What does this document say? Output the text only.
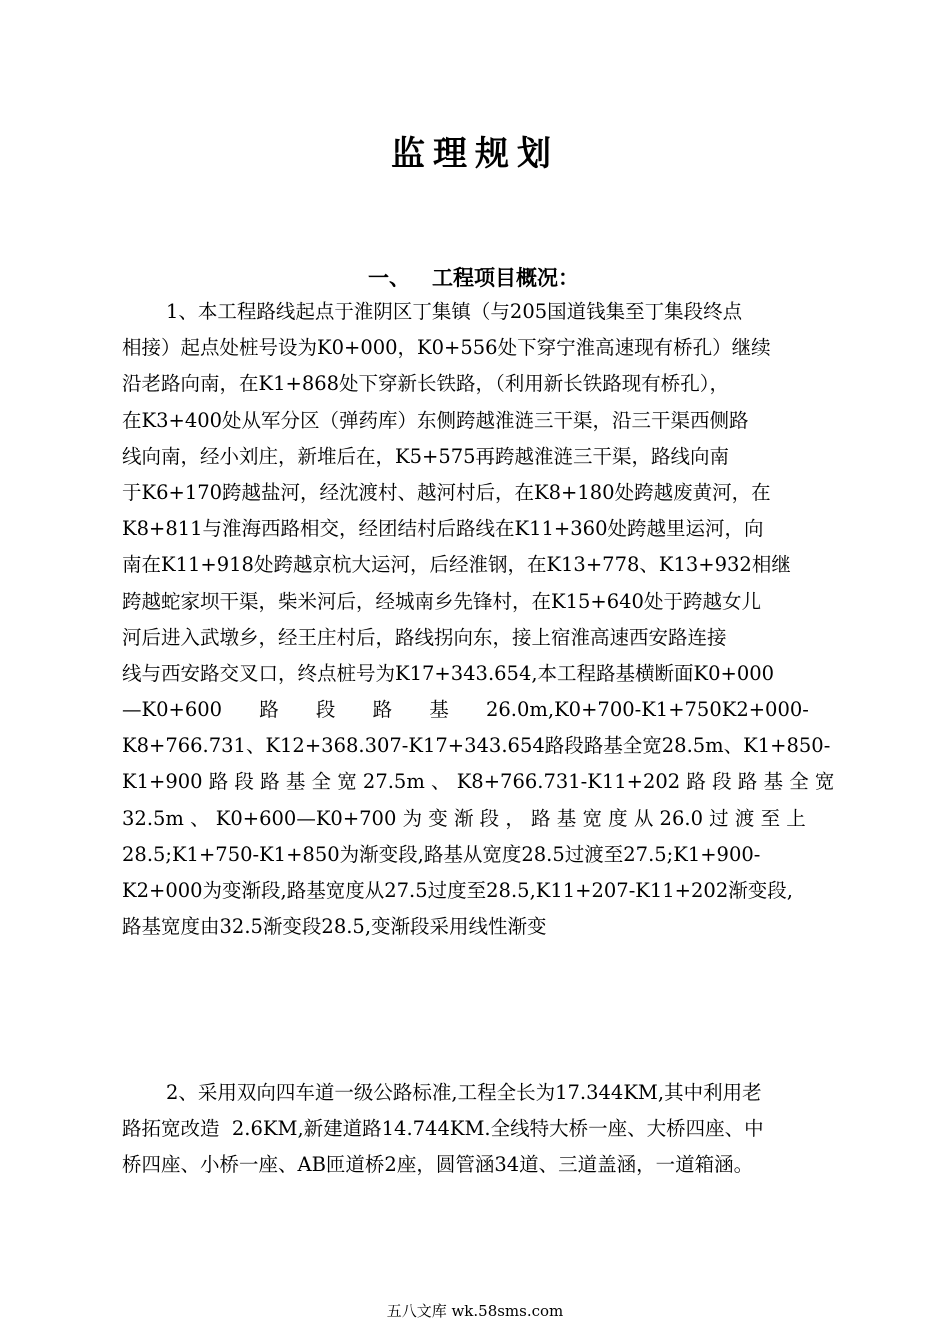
监理规划
一、 工程项目概况：
1、本工程路线起点于淮阴区丁集镇（与205国道钱集至丁集段终点
相接）起点处桩号设为K0+000，K0+556处下穿宁淮高速现有桥孔）继续
沿老路向南，在K1+868处下穿新长铁路，（利用新长铁路现有桥孔），
在K3+400处从军分区（弹药库）东侧跨越淮涟三干渠，沿三干渠西侧路
线向南，经小刘庄，新堆后在，K5+575再跨越淮涟三干渠，路线向南
于K6+170跨越盐河，经沈渡村、越河村后，在K8+180处跨越废黄河，在
K8+811与淮海西路相交，经团结村后路线在K11+360处跨越里运河，向
南在K11+918处跨越京杭大运河，后经淮钢，在K13+778、K13+932相继
跨越蛇家坝干渠，柴米河后，经城南乡先锋村，在K15+640处于跨越女儿
河后进入武墩乡，经王庄村后，路线拐向东，接上宿淮高速西安路连接
线与西安路交叉口，终点桩号为K17+343.654,本工程路基横断面K0+000
—K0+600      路      段      路      基      26.0m,K0+700-K1+750K2+000-
K8+766.731、K12+368.307-K17+343.654路段路基全宽28.5m、K1+850-
K1+900 路 段 路 基 全 宽 27.5m 、 K8+766.731-K11+202 路 段 路 基 全 宽
32.5m 、 K0+600—K0+700 为 变 渐 段 ， 路 基 宽 度 从 26.0 过 渡 至 上
28.5;K1+750-K1+850为渐变段,路基从宽度28.5过渡至27.5;K1+900-
K2+000为变渐段,路基宽度从27.5过度至28.5,K11+207-K11+202渐变段,
路基宽度由32.5渐变段28.5,变渐段采用线性渐变
2、采用双向四车道一级公路标准,工程全长为17.344KM,其中利用老
路拓宽改造  2.6KM,新建道路14.744KM.全线特大桥一座、大桥四座、中
桥四座、小桥一座、AB匝道桥2座，圆管涵34道、三道盖涵，一道箱涵。
五八文库 wk.58sms.com
